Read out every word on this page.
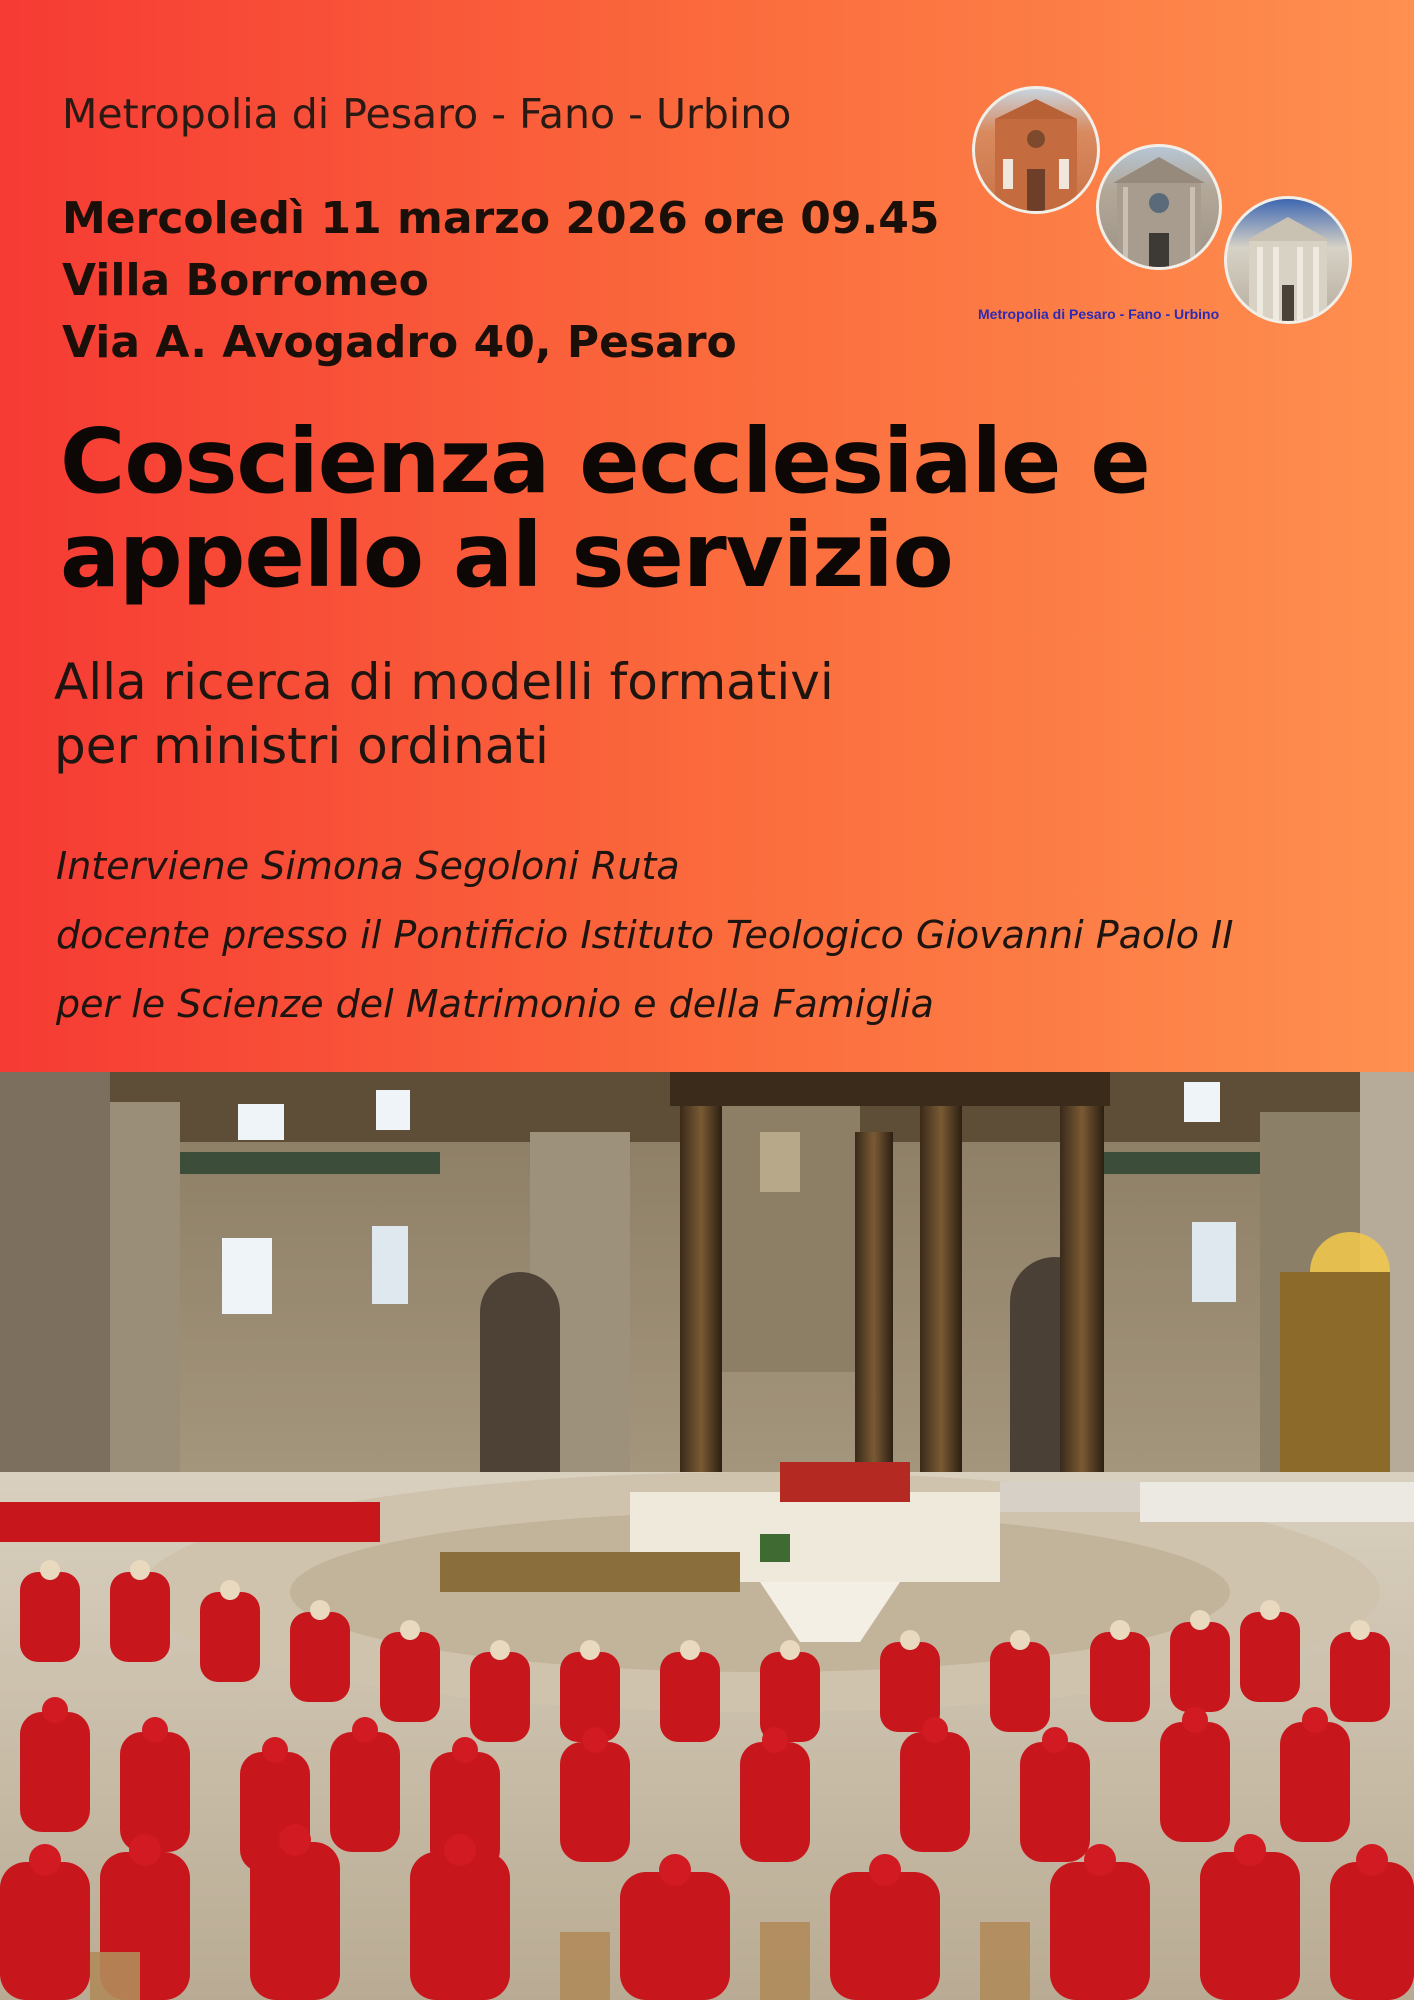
Metropolia di Pesaro - Fano - Urbino
Mercoledì 11 marzo 2026 ore 09.45
Villa Borromeo
Via A. Avogadro 40, Pesaro
Coscienza ecclesiale e
appello al servizio
Alla ricerca di modelli formativi
per ministri ordinati
Interviene Simona Segoloni Ruta
docente presso il Pontificio Istituto Teologico Giovanni Paolo II
per le Scienze del Matrimonio e della Famiglia
Metropolia di Pesaro - Fano - Urbino
